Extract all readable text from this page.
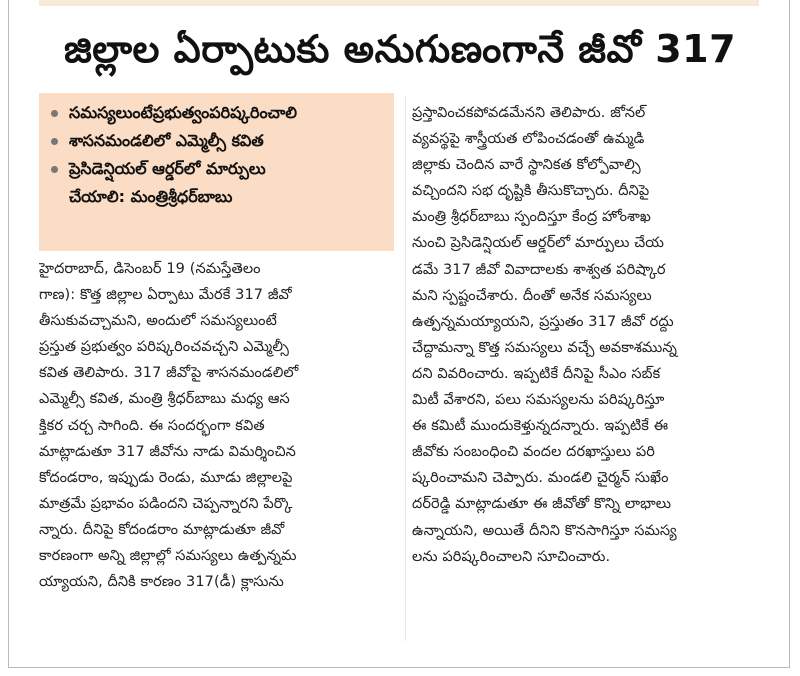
జిల్లాల ఏర్పాటుకు అనుగుణంగానే జీవో 317
సమస్యలుంటేప్రభుత్వంపరిష్కరించాలి
శాసనమండలిలో ఎమ్మెల్సీ కవిత
ప్రెసిడెన్షియల్ ఆర్డర్‌లో మార్పులు
చేయాలి: మంత్రిశ్రీధర్‌బాబు
హైదరాబాద్, డిసెంబర్ 19 (నమస్తేతెలం
గాణ): కొత్త జిల్లాల ఏర్పాటు మేరకే 317 జీవో
తీసుకువచ్చామని, అందులో సమస్యలుంటే
ప్రస్తుత ప్రభుత్వం పరిష్కరించవచ్చని ఎమ్మెల్సీ
కవిత తెలిపారు. 317 జీవోపై శాసనమండలిలో
ఎమ్మెల్సీ కవిత, మంత్రి శ్రీధర్‌బాబు మధ్య ఆస
క్తికర చర్చ సాగింది. ఈ సందర్భంగా కవిత
మాట్లాడుతూ 317 జీవోను నాడు విమర్శించిన
కోదండరాం, ఇప్పుడు రెండు, మూడు జిల్లాలపై
మాత్రమే ప్రభావం పడిందని చెప్పన్నారని పేర్కొ
న్నారు. దీనిపై కోదండరాం మాట్లాడుతూ జీవో
కారణంగా అన్ని జిల్లాల్లో సమస్యలు ఉత్పన్నమ
య్యాయని, దీనికి కారణం 317(డీ) క్లాసును
ప్రస్తావించకపోవడమేనని తెలిపారు. జోనల్
వ్యవస్థపై శాస్త్రీయత లోపించడంతో ఉమ్మడి
జిల్లాకు చెందిన వారే స్థానికత కోల్పోవాల్సి
వచ్చిందని సభ దృష్టికి తీసుకొచ్చారు. దీనిపై
మంత్రి శ్రీధర్‌బాబు స్పందిస్తూ కేంద్ర హోంశాఖ
నుంచి ప్రెసిడెన్షియల్ ఆర్డర్‌లో మార్పులు చేయ
డమే 317 జీవో వివాదాలకు శాశ్వత పరిష్కార
మని స్పష్టంచేశారు. దీంతో అనేక సమస్యలు
ఉత్పన్నమయ్యాయని, ప్రస్తుతం 317 జీవో రద్దు
చేద్దామన్నా కొత్త సమస్యలు వచ్చే అవకాశమున్న
దని వివరించారు. ఇప్పటికే దీనిపై సీఎం సబ్‌క
మిటీ వేశారని, పలు సమస్యలను పరిష్కరిస్తూ
ఈ కమిటీ ముందుకెళ్తున్నదన్నారు. ఇప్పటికే ఈ
జీవోకు సంబంధించి వందల దరఖాస్తులు పరి
ష్కరించామని చెప్పారు. మండలి చైర్మన్ సుఖేం
దర్‌రెడ్డి మాట్లాడుతూ ఈ జీవోతో కొన్ని లాభాలు
ఉన్నాయని, అయితే దీనిని కొనసాగిస్తూ సమస్య
లను పరిష్కరించాలని సూచించారు.
